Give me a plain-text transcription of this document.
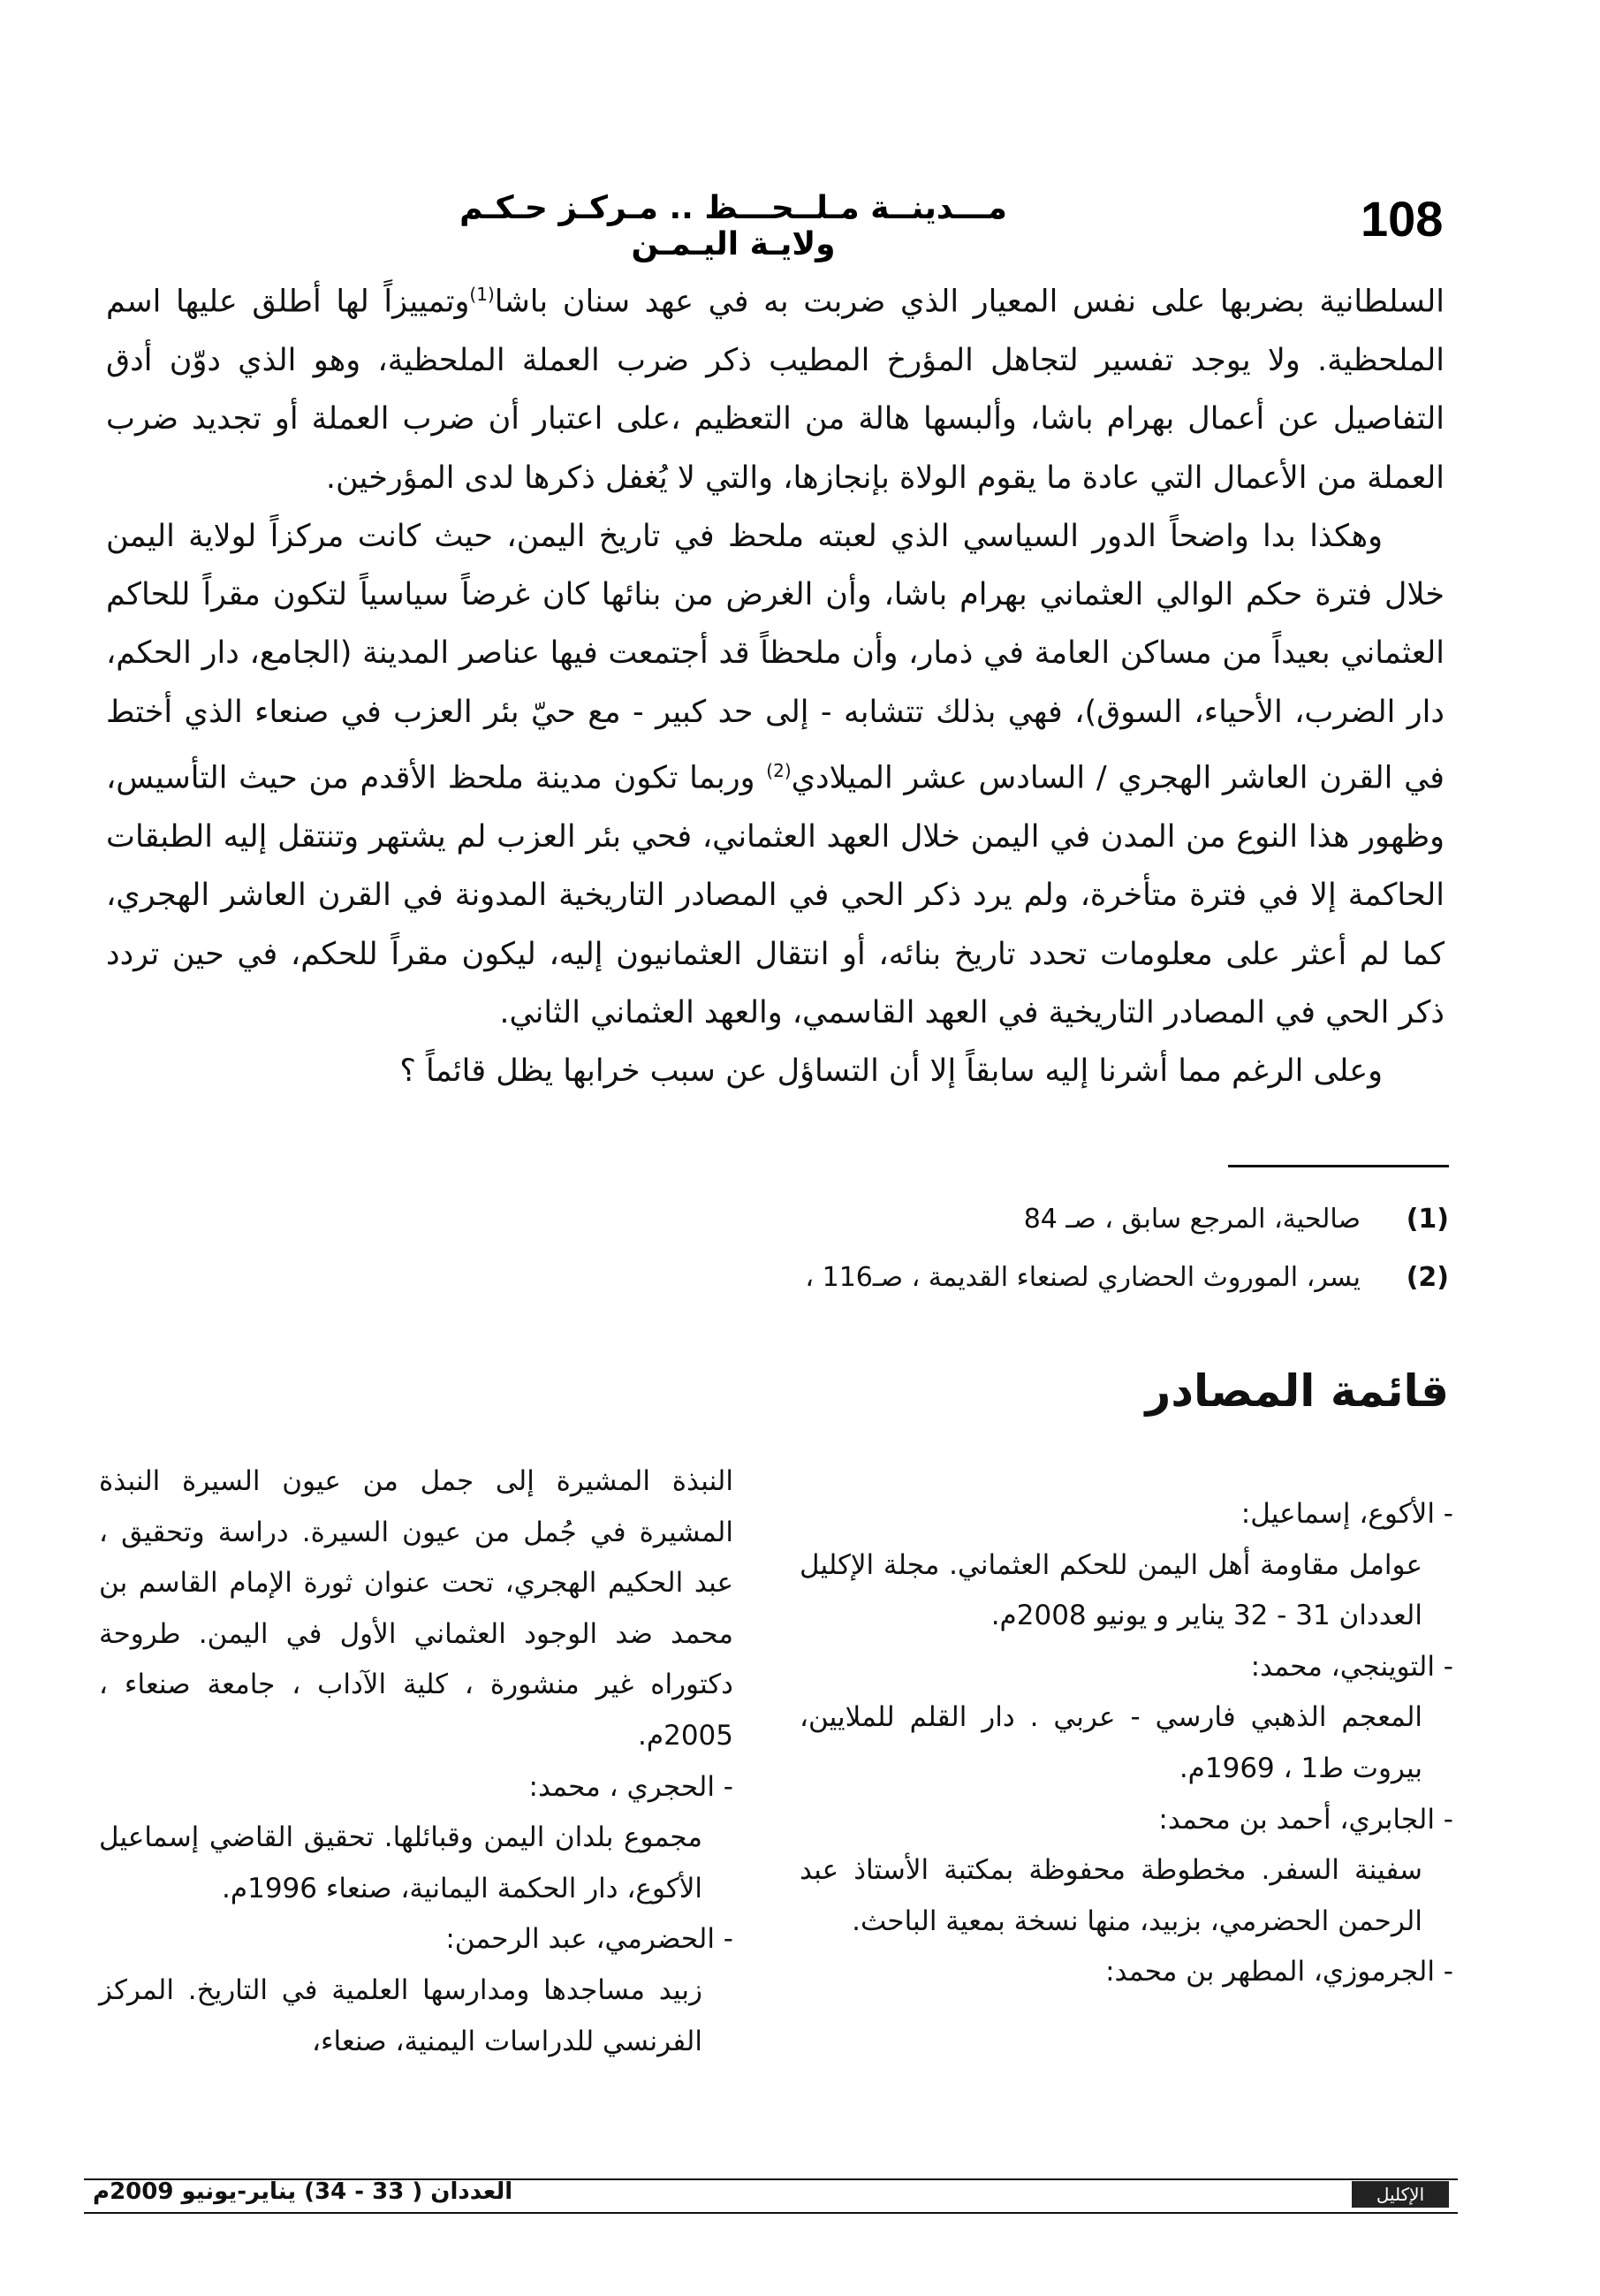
108
مـــدينــة مـلــحـــظ .. مـركـز حـكـم ولايـة اليـمـن

السلطانية بضربها على نفس المعيار الذي ضربت به في عهد سنان باشا$^{(1)}$وتمييزاً لها أطلق عليها اسم الملحظية. ولا يوجد تفسير لتجاهل المؤرخ المطيب ذكر ضرب العملة الملحظية، وهو الذي دوّن أدق التفاصيل عن أعمال بهرام باشا، وألبسها هالة من التعظيم ،على اعتبار أن ضرب العملة أو تجديد ضرب العملة من الأعمال التي عادة ما يقوم الولاة بإنجازها، والتي لا يُغفل ذكرها لدى المؤرخين.

وهكذا بدا واضحاً الدور السياسي الذي لعبته ملحظ في تاريخ اليمن، حيث كانت مركزاً لولاية اليمن خلال فترة حكم الوالي العثماني بهرام باشا، وأن الغرض من بنائها كان غرضاً سياسياً لتكون مقراً للحاكم العثماني بعيداً من مساكن العامة في ذمار، وأن ملحظاً قد أجتمعت فيها عناصر المدينة (الجامع، دار الحكم، دار الضرب، الأحياء، السوق)، فهي بذلك تتشابه - إلى حد كبير - مع حيّ بئر العزب في صنعاء الذي أختط في القرن العاشر الهجري / السادس عشر الميلادي$^{(2)}$ وربما تكون مدينة ملحظ الأقدم من حيث التأسيس، وظهور هذا النوع من المدن في اليمن خلال العهد العثماني، فحي بئر العزب لم يشتهر وتنتقل إليه الطبقات الحاكمة إلا في فترة متأخرة، ولم يرد ذكر الحي في المصادر التاريخية المدونة في القرن العاشر الهجري، كما لم أعثر على معلومات تحدد تاريخ بنائه، أو انتقال العثمانيون إليه، ليكون مقراً للحكم، في حين تردد ذكر الحي في المصادر التاريخية في العهد القاسمي، والعهد العثماني الثاني.

وعلى الرغم مما أشرنا إليه سابقاً إلا أن التساؤل عن سبب خرابها يظل قائماً ؟

(1)
صالحية، المرجع سابق ، صـ 84
(2)
يسر، الموروث الحضاري لصنعاء القديمة ، صـ116 ،
قائمة المصادر
- الأكوع، إسماعيل:
عوامل مقاومة أهل اليمن للحكم العثماني. مجلة الإكليل العددان 31 - 32 يناير و يونيو 2008م.
- التوينجي، محمد:
المعجم الذهبي فارسي - عربي . دار القلم للملايين، بيروت ط1 ، 1969م.
- الجابري، أحمد بن محمد:
سفينة السفر. مخطوطة محفوظة بمكتبة الأستاذ عبد الرحمن الحضرمي، بزبيد، منها نسخة بمعية الباحث.
- الجرموزي، المطهر بن محمد:
النبذة المشيرة إلى جمل من عيون السيرة النبذة المشيرة في جُمل من عيون السيرة. دراسة وتحقيق ، عبد الحكيم الهجري، تحت عنوان ثورة الإمام القاسم بن محمد ضد الوجود العثماني الأول في اليمن. طروحة دكتوراه غير منشورة ، كلية الآداب ، جامعة صنعاء ، 2005م.
- الحجري ، محمد:
مجموع بلدان اليمن وقبائلها. تحقيق القاضي إسماعيل الأكوع، دار الحكمة اليمانية، صنعاء 1996م.
- الحضرمي، عبد الرحمن:
زبيد مساجدها ومدارسها العلمية في التاريخ. المركز الفرنسي للدراسات اليمنية، صنعاء،
العددان ( 33 - 34) يناير-يونيو 2009م	الإكليل
